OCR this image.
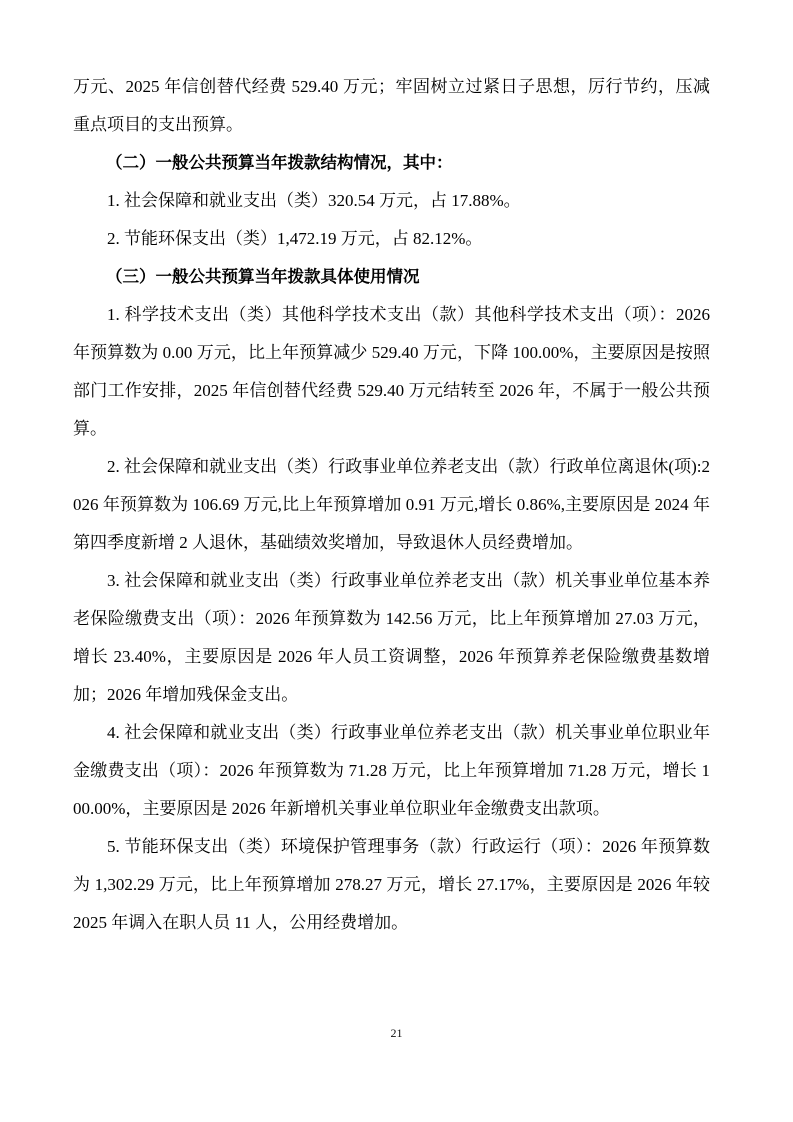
万元、2025 年信创替代经费 529.40 万元；牢固树立过紧日子思想，厉行节约，压减重点项目的支出预算。

（二）一般公共预算当年拨款结构情况，其中：

1. 社会保障和就业支出（类）320.54 万元，占 17.88%。

2. 节能环保支出（类）1,472.19 万元，占 82.12%。

（三）一般公共预算当年拨款具体使用情况

1. 科学技术支出（类）其他科学技术支出（款）其他科学技术支出（项）：2026 年预算数为 0.00 万元，比上年预算减少 529.40 万元，下降 100.00%，主要原因是按照部门工作安排，2025 年信创替代经费 529.40 万元结转至 2026 年，不属于一般公共预算。

2. 社会保障和就业支出（类）行政事业单位养老支出（款）行政单位离退休(项):2026 年预算数为 106.69 万元,比上年预算增加 0.91 万元,增长 0.86%,主要原因是 2024 年第四季度新增 2 人退休，基础绩效奖增加，导致退休人员经费增加。

3. 社会保障和就业支出（类）行政事业单位养老支出（款）机关事业单位基本养老保险缴费支出（项）：2026 年预算数为 142.56 万元，比上年预算增加 27.03 万元，增长 23.40%，主要原因是 2026 年人员工资调整，2026 年预算养老保险缴费基数增加；2026 年增加残保金支出。

4. 社会保障和就业支出（类）行政事业单位养老支出（款）机关事业单位职业年金缴费支出（项）：2026 年预算数为 71.28 万元，比上年预算增加 71.28 万元，增长 100.00%，主要原因是 2026 年新增机关事业单位职业年金缴费支出款项。

5. 节能环保支出（类）环境保护管理事务（款）行政运行（项）：2026 年预算数为 1,302.29 万元，比上年预算增加 278.27 万元，增长 27.17%，主要原因是 2026 年较 2025 年调入在职人员 11 人，公用经费增加。

21
